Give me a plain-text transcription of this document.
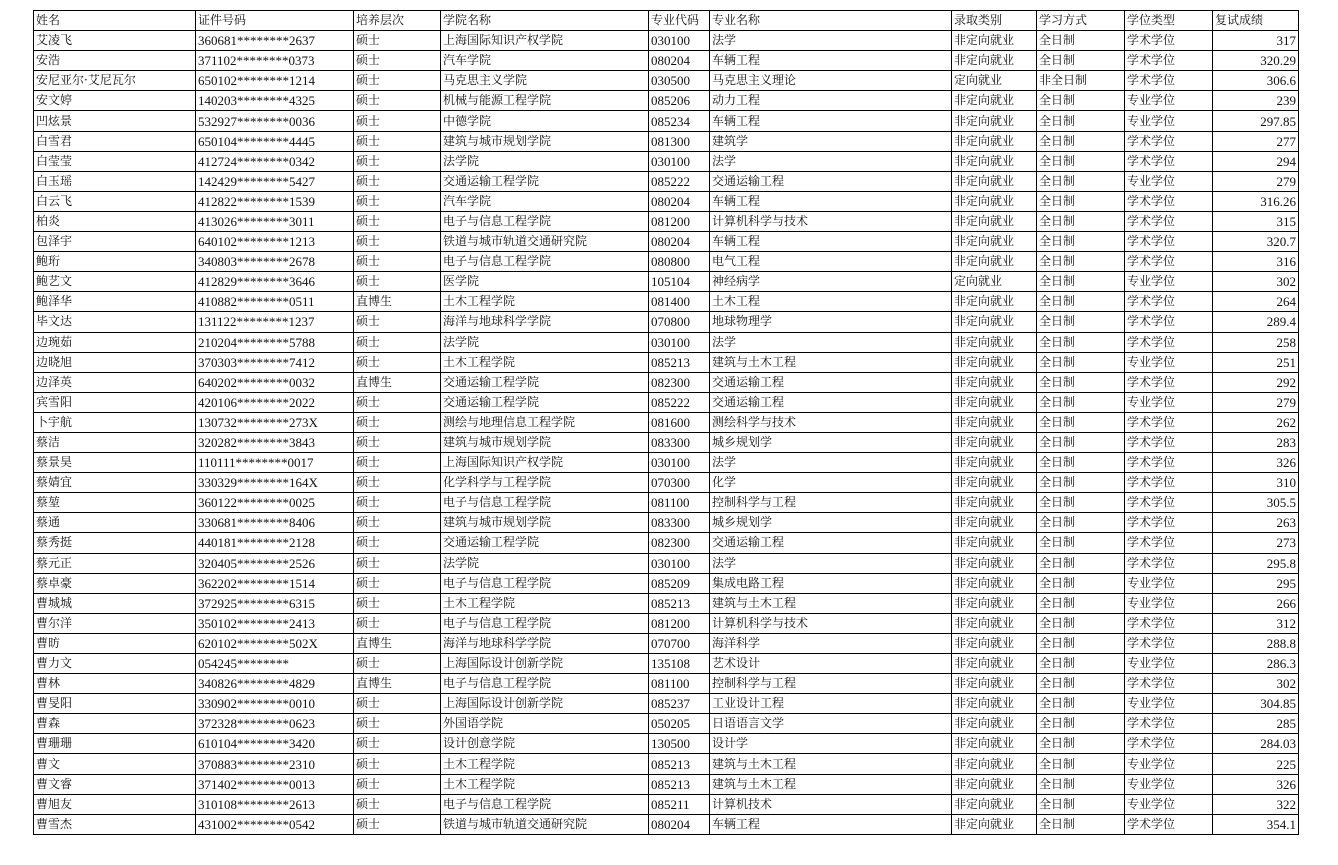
姓名	证件号码	培养层次	学院名称	专业代码	专业名称	录取类别	学习方式	学位类型	复试成绩
艾凌飞	360681********2637	硕士	上海国际知识产权学院	030100	法学	非定向就业	全日制	学术学位	317
安浩	371102********0373	硕士	汽车学院	080204	车辆工程	非定向就业	全日制	学术学位	320.29
安尼亚尔·艾尼瓦尔	650102********1214	硕士	马克思主义学院	030500	马克思主义理论	定向就业	非全日制	学术学位	306.6
安文婷	140203********4325	硕士	机械与能源工程学院	085206	动力工程	非定向就业	全日制	专业学位	239
凹炫景	532927********0036	硕士	中德学院	085234	车辆工程	非定向就业	全日制	专业学位	297.85
白雪君	650104********4445	硕士	建筑与城市规划学院	081300	建筑学	非定向就业	全日制	学术学位	277
白莹莹	412724********0342	硕士	法学院	030100	法学	非定向就业	全日制	学术学位	294
白玉瑶	142429********5427	硕士	交通运输工程学院	085222	交通运输工程	非定向就业	全日制	专业学位	279
白云飞	412822********1539	硕士	汽车学院	080204	车辆工程	非定向就业	全日制	学术学位	316.26
柏炎	413026********3011	硕士	电子与信息工程学院	081200	计算机科学与技术	非定向就业	全日制	学术学位	315
包泽宇	640102********1213	硕士	铁道与城市轨道交通研究院	080204	车辆工程	非定向就业	全日制	学术学位	320.7
鲍珩	340803********2678	硕士	电子与信息工程学院	080800	电气工程	非定向就业	全日制	学术学位	316
鲍艺文	412829********3646	硕士	医学院	105104	神经病学	定向就业	全日制	专业学位	302
鲍泽华	410882********0511	直博生	土木工程学院	081400	土木工程	非定向就业	全日制	学术学位	264
毕文达	131122********1237	硕士	海洋与地球科学学院	070800	地球物理学	非定向就业	全日制	学术学位	289.4
边琬茹	210204********5788	硕士	法学院	030100	法学	非定向就业	全日制	学术学位	258
边晓旭	370303********7412	硕士	土木工程学院	085213	建筑与土木工程	非定向就业	全日制	专业学位	251
边泽英	640202********0032	直博生	交通运输工程学院	082300	交通运输工程	非定向就业	全日制	学术学位	292
宾雪阳	420106********2022	硕士	交通运输工程学院	085222	交通运输工程	非定向就业	全日制	专业学位	279
卜宇航	130732********273X	硕士	测绘与地理信息工程学院	081600	测绘科学与技术	非定向就业	全日制	学术学位	262
蔡洁	320282********3843	硕士	建筑与城市规划学院	083300	城乡规划学	非定向就业	全日制	学术学位	283
蔡景昊	110111********0017	硕士	上海国际知识产权学院	030100	法学	非定向就业	全日制	学术学位	326
蔡婧宜	330329********164X	硕士	化学科学与工程学院	070300	化学	非定向就业	全日制	学术学位	310
蔡堃	360122********0025	硕士	电子与信息工程学院	081100	控制科学与工程	非定向就业	全日制	学术学位	305.5
蔡通	330681********8406	硕士	建筑与城市规划学院	083300	城乡规划学	非定向就业	全日制	学术学位	263
蔡秀挺	440181********2128	硕士	交通运输工程学院	082300	交通运输工程	非定向就业	全日制	学术学位	273
蔡元正	320405********2526	硕士	法学院	030100	法学	非定向就业	全日制	学术学位	295.8
蔡卓豪	362202********1514	硕士	电子与信息工程学院	085209	集成电路工程	非定向就业	全日制	专业学位	295
曹城城	372925********6315	硕士	土木工程学院	085213	建筑与土木工程	非定向就业	全日制	专业学位	266
曹尔洋	350102********2413	硕士	电子与信息工程学院	081200	计算机科学与技术	非定向就业	全日制	学术学位	312
曹昉	620102********502X	直博生	海洋与地球科学学院	070700	海洋科学	非定向就业	全日制	学术学位	288.8
曹力文	054245********	硕士	上海国际设计创新学院	135108	艺术设计	非定向就业	全日制	专业学位	286.3
曹林	340826********4829	直博生	电子与信息工程学院	081100	控制科学与工程	非定向就业	全日制	学术学位	302
曹旻阳	330902********0010	硕士	上海国际设计创新学院	085237	工业设计工程	非定向就业	全日制	专业学位	304.85
曹森	372328********0623	硕士	外国语学院	050205	日语语言文学	非定向就业	全日制	学术学位	285
曹珊珊	610104********3420	硕士	设计创意学院	130500	设计学	非定向就业	全日制	学术学位	284.03
曹文	370883********2310	硕士	土木工程学院	085213	建筑与土木工程	非定向就业	全日制	专业学位	225
曹文睿	371402********0013	硕士	土木工程学院	085213	建筑与土木工程	非定向就业	全日制	专业学位	326
曹旭友	310108********2613	硕士	电子与信息工程学院	085211	计算机技术	非定向就业	全日制	专业学位	322
曹雪杰	431002********0542	硕士	铁道与城市轨道交通研究院	080204	车辆工程	非定向就业	全日制	学术学位	354.1
